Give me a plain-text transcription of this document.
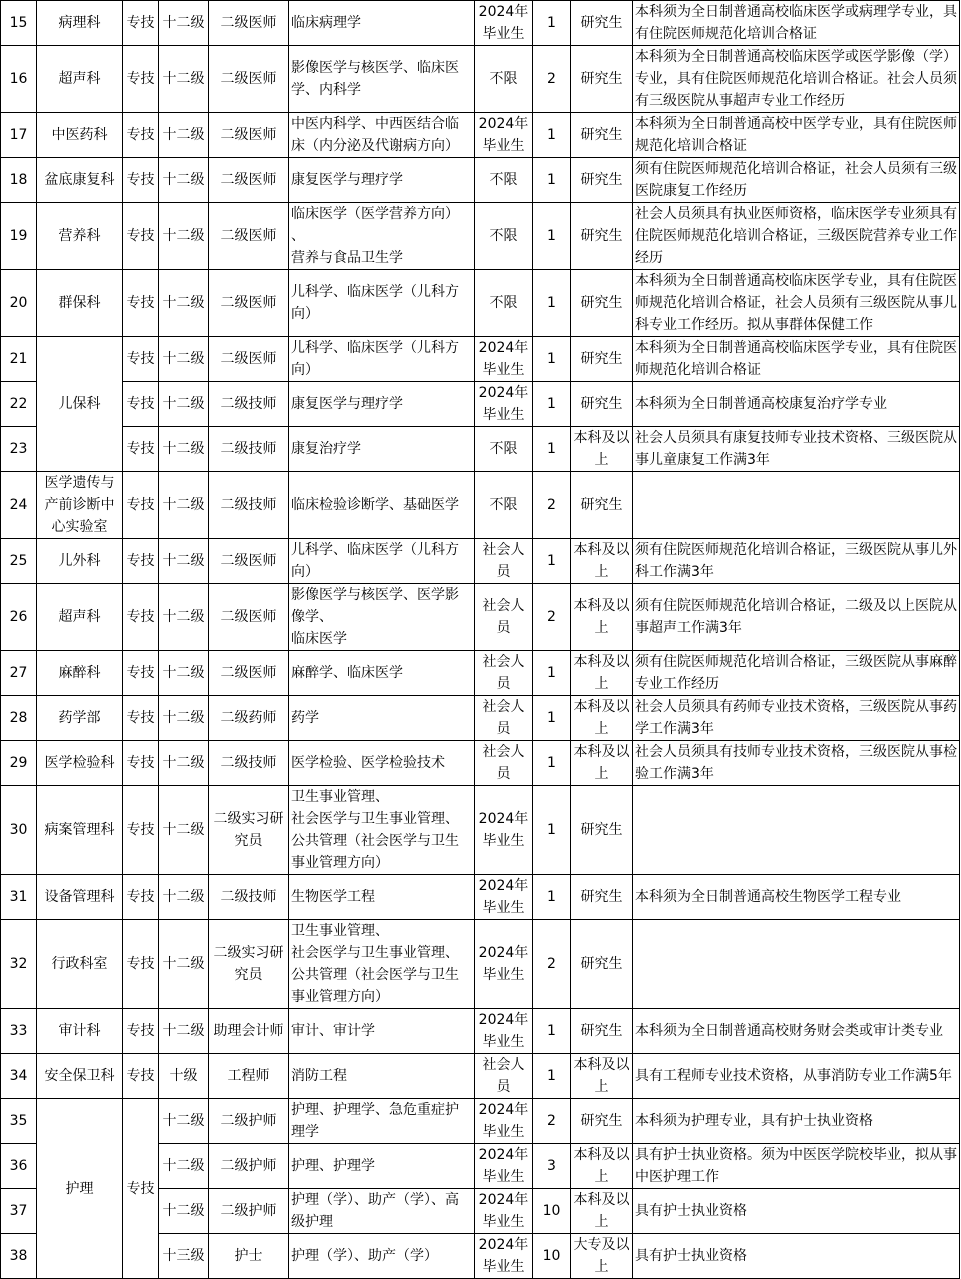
15	病理科	专技	十二级	二级医师	临床病理学	2024年毕业生	1	研究生	本科须为全日制普通高校临床医学或病理学专业，具有住院医师规范化培训合格证
16	超声科	专技	十二级	二级医师	影像医学与核医学、临床医学、内科学	不限	2	研究生	本科须为全日制普通高校临床医学或医学影像（学）专业，具有住院医师规范化培训合格证。社会人员须有三级医院从事超声专业工作经历
17	中医药科	专技	十二级	二级医师	中医内科学、中西医结合临床（内分泌及代谢病方向）	2024年毕业生	1	研究生	本科须为全日制普通高校中医学专业，具有住院医师规范化培训合格证
18	盆底康复科	专技	十二级	二级医师	康复医学与理疗学	不限	1	研究生	须有住院医师规范化培训合格证，社会人员须有三级医院康复工作经历
19	营养科	专技	十二级	二级医师	临床医学（医学营养方向）
、
营养与食品卫生学	不限	1	研究生	社会人员须具有执业医师资格，临床医学专业须具有住院医师规范化培训合格证，三级医院营养专业工作经历
20	群保科	专技	十二级	二级医师	儿科学、临床医学（儿科方向）	不限	1	研究生	本科须为全日制普通高校临床医学专业，具有住院医师规范化培训合格证，社会人员须有三级医院从事儿科专业工作经历。拟从事群体保健工作
21	儿保科	专技	十二级	二级医师	儿科学、临床医学（儿科方向）	2024年毕业生	1	研究生	本科须为全日制普通高校临床医学专业，具有住院医师规范化培训合格证
22		专技	十二级	二级技师	康复医学与理疗学	2024年毕业生	1	研究生	本科须为全日制普通高校康复治疗学专业
23		专技	十二级	二级技师	康复治疗学	不限	1	本科及以上	社会人员须具有康复技师专业技术资格、三级医院从事儿童康复工作满3年
24	医学遗传与产前诊断中心实验室	专技	十二级	二级技师	临床检验诊断学、基础医学	不限	2	研究生	
25	儿外科	专技	十二级	二级医师	儿科学、临床医学（儿科方向）	社会人员	1	本科及以上	须有住院医师规范化培训合格证，三级医院从事儿外科工作满3年
26	超声科	专技	十二级	二级医师	影像医学与核医学、医学影像学、
临床医学	社会人员	2	本科及以上	须有住院医师规范化培训合格证，二级及以上医院从事超声工作满3年
27	麻醉科	专技	十二级	二级医师	麻醉学、临床医学	社会人员	1	本科及以上	须有住院医师规范化培训合格证，三级医院从事麻醉专业工作经历
28	药学部	专技	十二级	二级药师	药学	社会人员	1	本科及以上	社会人员须具有药师专业技术资格，三级医院从事药学工作满3年
29	医学检验科	专技	十二级	二级技师	医学检验、医学检验技术	社会人员	1	本科及以上	社会人员须具有技师专业技术资格，三级医院从事检验工作满3年
30	病案管理科	专技	十二级	二级实习研究员	卫生事业管理、
社会医学与卫生事业管理、
公共管理（社会医学与卫生事业管理方向）	2024年毕业生	1	研究生	
31	设备管理科	专技	十二级	二级技师	生物医学工程	2024年毕业生	1	研究生	本科须为全日制普通高校生物医学工程专业
32	行政科室	专技	十二级	二级实习研究员	卫生事业管理、
社会医学与卫生事业管理、
公共管理（社会医学与卫生事业管理方向）	2024年毕业生	2	研究生	
33	审计科	专技	十二级	助理会计师	审计、审计学	2024年毕业生	1	研究生	本科须为全日制普通高校财务财会类或审计类专业
34	安全保卫科	专技	十级	工程师	消防工程	社会人员	1	本科及以上	具有工程师专业技术资格，从事消防专业工作满5年
35	护理	专技	十二级	二级护师	护理、护理学、急危重症护理学	2024年毕业生	2	研究生	本科须为护理专业，具有护士执业资格
36			十二级	二级护师	护理、护理学	2024年毕业生	3	本科及以上	具有护士执业资格。须为中医医学院校毕业，拟从事中医护理工作
37			十二级	二级护师	护理（学）、助产（学）、高级护理	2024年毕业生	10	本科及以上	具有护士执业资格
38			十三级	护士	护理（学）、助产（学）	2024年毕业生	10	大专及以上	具有护士执业资格
